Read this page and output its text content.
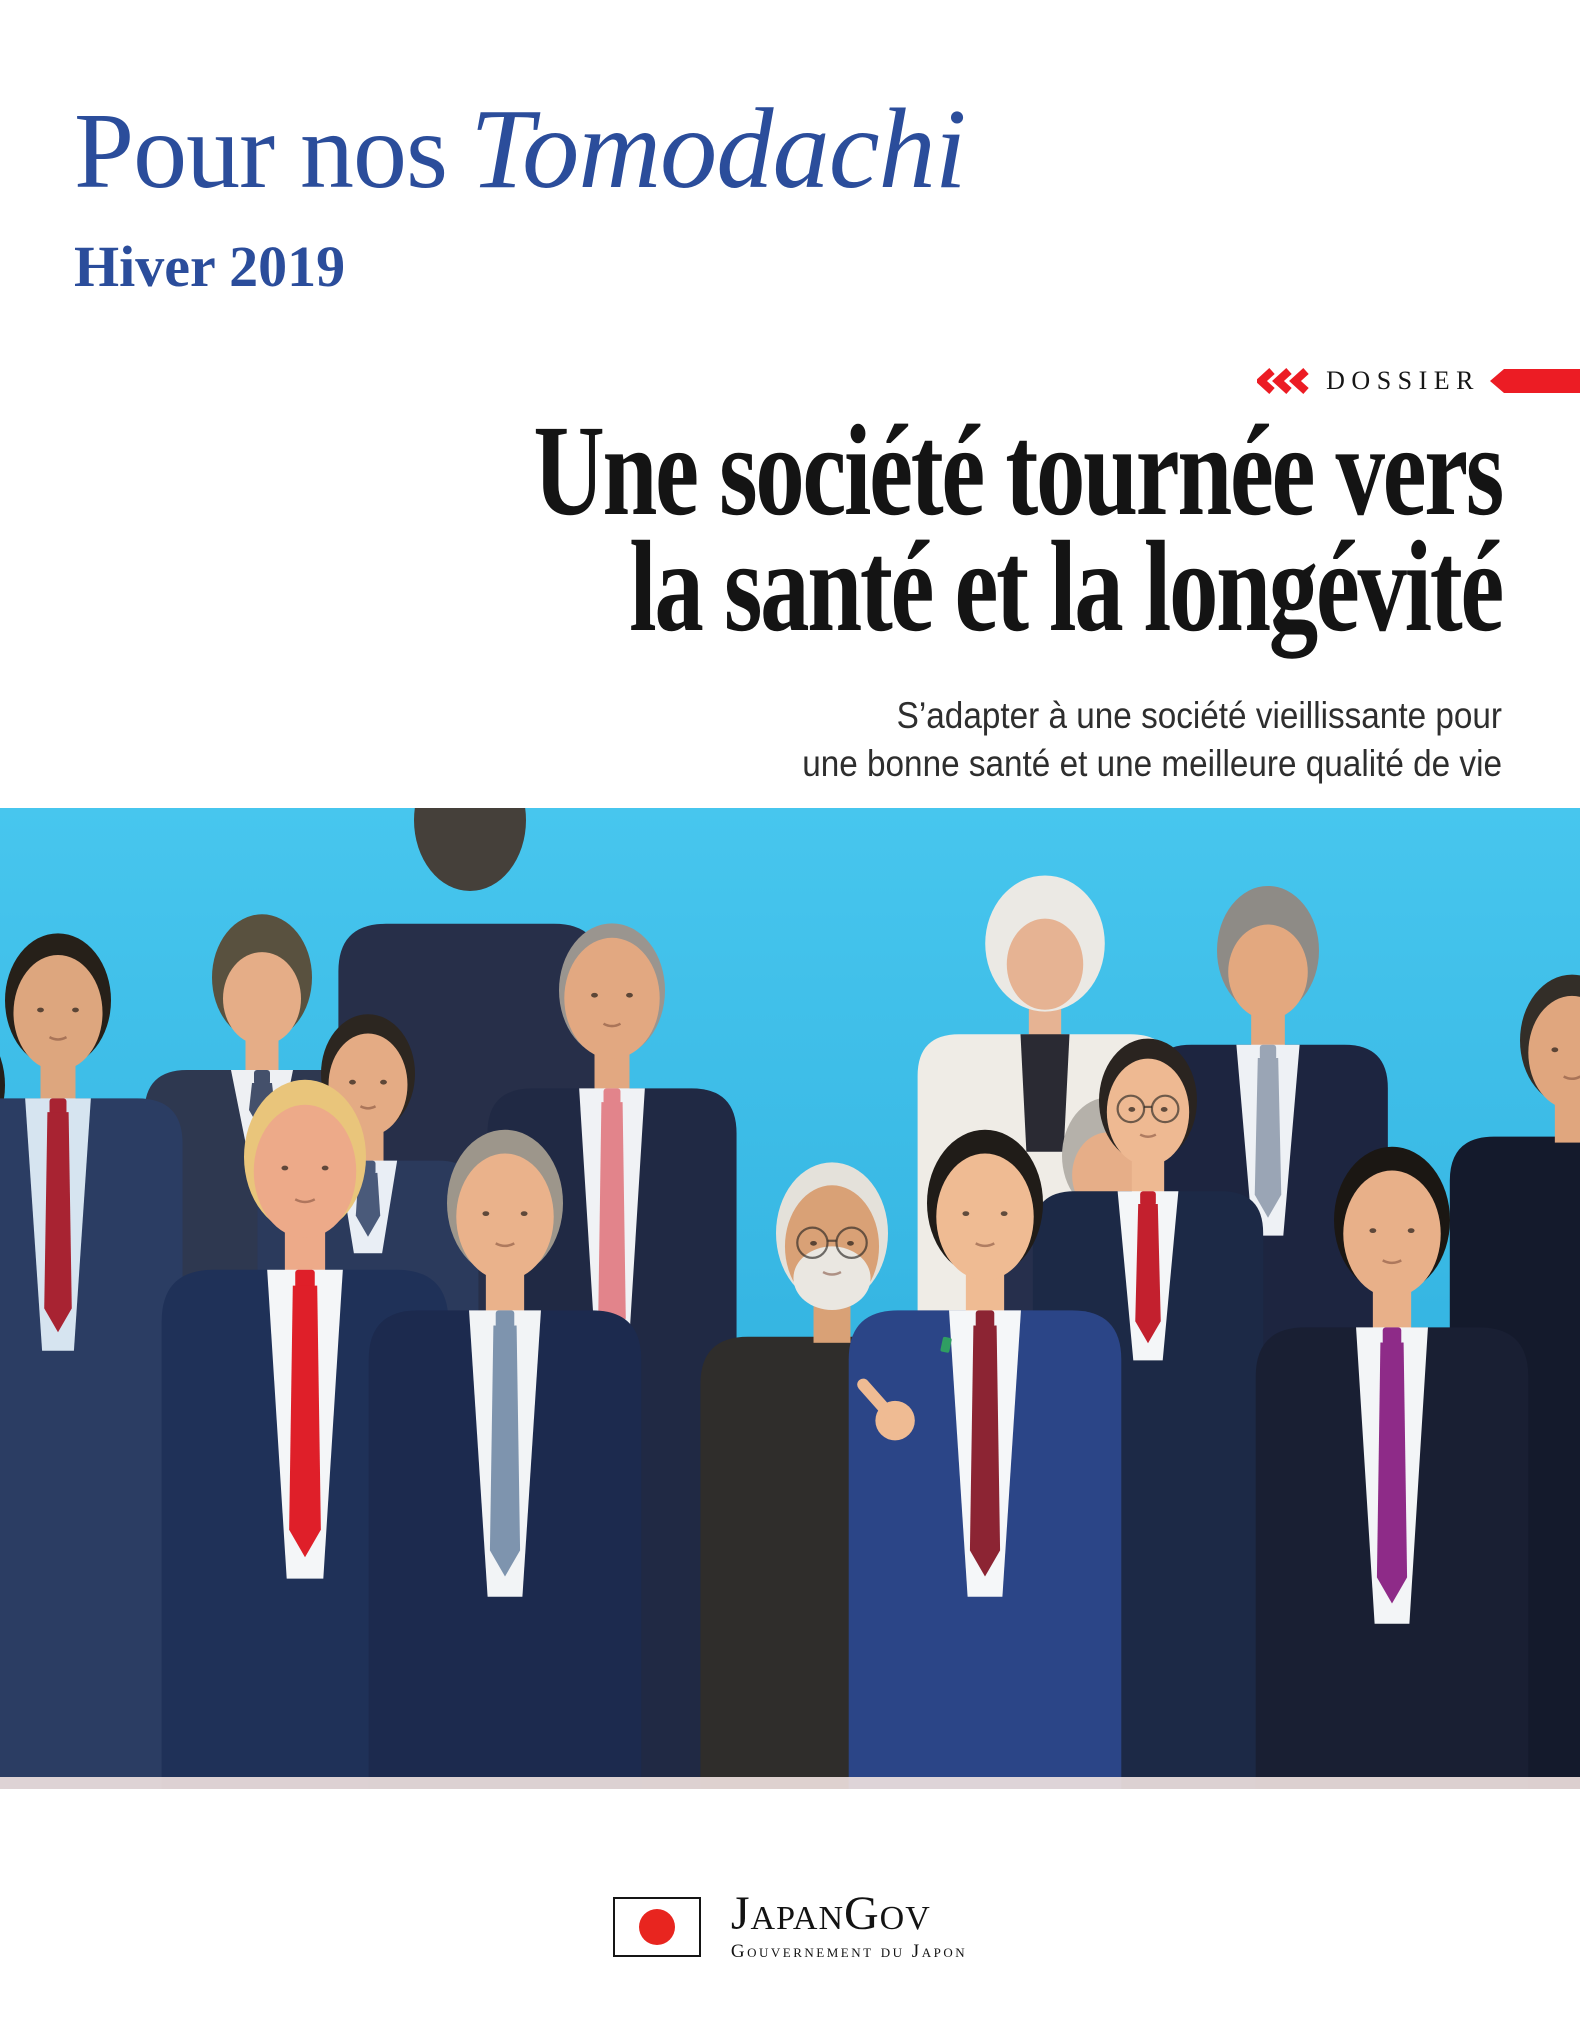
Pour nos Tomodachi
Hiver 2019
DOSSIER
Une société tournée vers
la santé et la longévité
S’adapter à une société vieillissante pour
une bonne santé et une meilleure qualité de vie
JapanGov
Gouvernement du Japon
